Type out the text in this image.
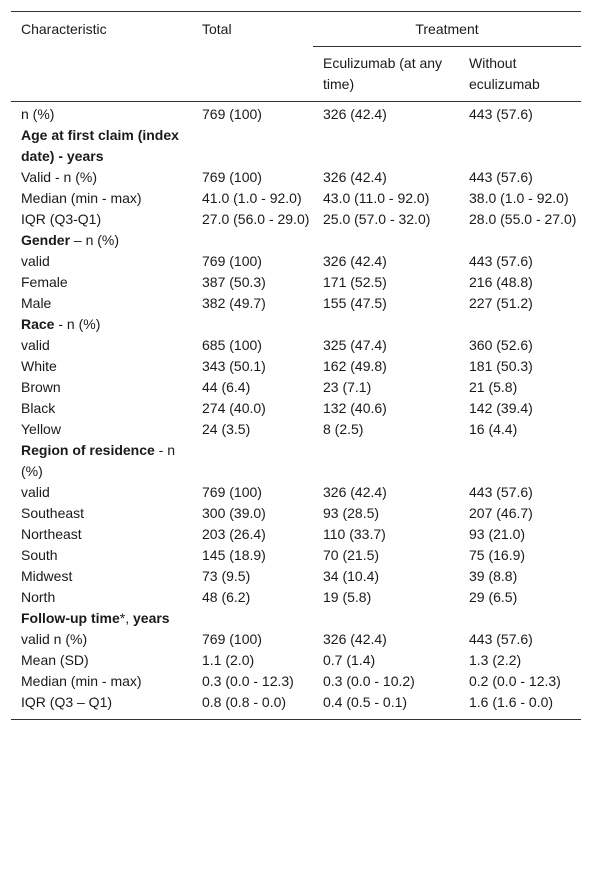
Characteristic	Total	Treatment	
		Eculizumab (at any time)	Without eculizumab

n (%)	769 (100)	326 (42.4)	443 (57.6)
Age at first claim (index date) - years			
Valid - n (%)	769 (100)	326 (42.4)	443 (57.6)
Median (min - max)	41.0 (1.0 - 92.0)	43.0 (11.0 - 92.0)	38.0 (1.0 - 92.0)
IQR (Q3-Q1)	27.0 (56.0 - 29.0)	25.0 (57.0 - 32.0)	28.0 (55.0 - 27.0)
Gender – n (%)			
valid	769 (100)	326 (42.4)	443 (57.6)
Female	387 (50.3)	171 (52.5)	216 (48.8)
Male	382 (49.7)	155 (47.5)	227 (51.2)
Race - n (%)			
valid	685 (100)	325 (47.4)	360 (52.6)
White	343 (50.1)	162 (49.8)	181 (50.3)
Brown	44 (6.4)	23 (7.1)	21 (5.8)
Black	274 (40.0)	132 (40.6)	142 (39.4)
Yellow	24 (3.5)	8 (2.5)	16 (4.4)
Region of residence - n (%)			
valid	769 (100)	326 (42.4)	443 (57.6)
Southeast	300 (39.0)	93 (28.5)	207 (46.7)
Northeast	203 (26.4)	110 (33.7)	93 (21.0)
South	145 (18.9)	70 (21.5)	75 (16.9)
Midwest	73 (9.5)	34 (10.4)	39 (8.8)
North	48 (6.2)	19 (5.8)	29 (6.5)
Follow-up time*, years			
valid n (%)	769 (100)	326 (42.4)	443 (57.6)
Mean (SD)	1.1 (2.0)	0.7 (1.4)	1.3 (2.2)
Median (min - max)	0.3 (0.0 - 12.3)	0.3 (0.0 - 10.2)	0.2 (0.0 - 12.3)
IQR (Q3 – Q1)	0.8 (0.8 - 0.0)	0.4 (0.5 - 0.1)	1.6 (1.6 - 0.0)
